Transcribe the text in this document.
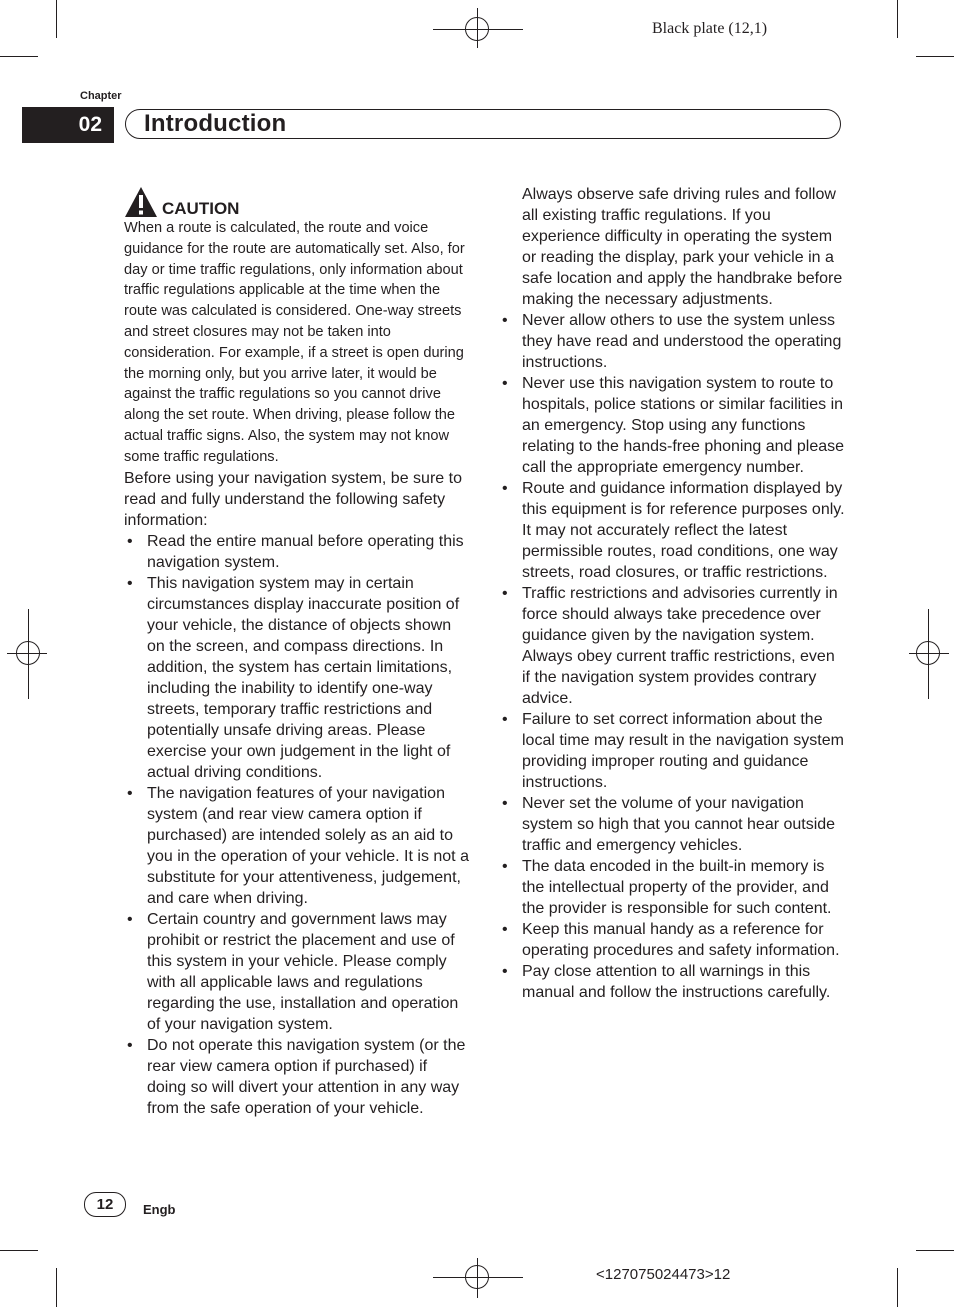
Black plate (12,1)
Chapter
02	Introduction
CAUTION

When a route is calculated, the route and voice guidance for the route are automatically set. Also, for day or time traffic regulations, only information about traffic regulations applicable at the time when the route was calculated is considered. One-way streets and street closures may not be taken into consideration. For example, if a street is open during the morning only, but you arrive later, it would be against the traffic regulations so you cannot drive along the set route. When driving, please follow the actual traffic signs. Also, the system may not know some traffic regulations.

Before using your navigation system, be sure to read and fully understand the following safety information:

• Read the entire manual before operating this navigation system.
• This navigation system may in certain circumstances display inaccurate position of your vehicle, the distance of objects shown on the screen, and compass directions. In addition, the system has certain limitations, including the inability to identify one-way streets, temporary traffic restrictions and potentially unsafe driving areas. Please exercise your own judgement in the light of actual driving conditions.
• The navigation features of your navigation system (and rear view camera option if purchased) are intended solely as an aid to you in the operation of your vehicle. It is not a substitute for your attentiveness, judgement, and care when driving.
• Certain country and government laws may prohibit or restrict the placement and use of this system in your vehicle. Please comply with all applicable laws and regulations regarding the use, installation and operation of your navigation system.
• Do not operate this navigation system (or the rear view camera option if purchased) if doing so will divert your attention in any way from the safe operation of your vehicle.

Always observe safe driving rules and follow all existing traffic regulations. If you experience difficulty in operating the system or reading the display, park your vehicle in a safe location and apply the handbrake before making the necessary adjustments.

• Never allow others to use the system unless they have read and understood the operating instructions.
• Never use this navigation system to route to hospitals, police stations or similar facilities in an emergency. Stop using any functions relating to the hands-free phoning and please call the appropriate emergency number.
• Route and guidance information displayed by this equipment is for reference purposes only. It may not accurately reflect the latest permissible routes, road conditions, one way streets, road closures, or traffic restrictions.
• Traffic restrictions and advisories currently in force should always take precedence over guidance given by the navigation system. Always obey current traffic restrictions, even if the navigation system provides contrary advice.
• Failure to set correct information about the local time may result in the navigation system providing improper routing and guidance instructions.
• Never set the volume of your navigation system so high that you cannot hear outside traffic and emergency vehicles.
• The data encoded in the built-in memory is the intellectual property of the provider, and the provider is responsible for such content.
• Keep this manual handy as a reference for operating procedures and safety information.
• Pay close attention to all warnings in this manual and follow the instructions carefully.
12	Engb
<127075024473>12
